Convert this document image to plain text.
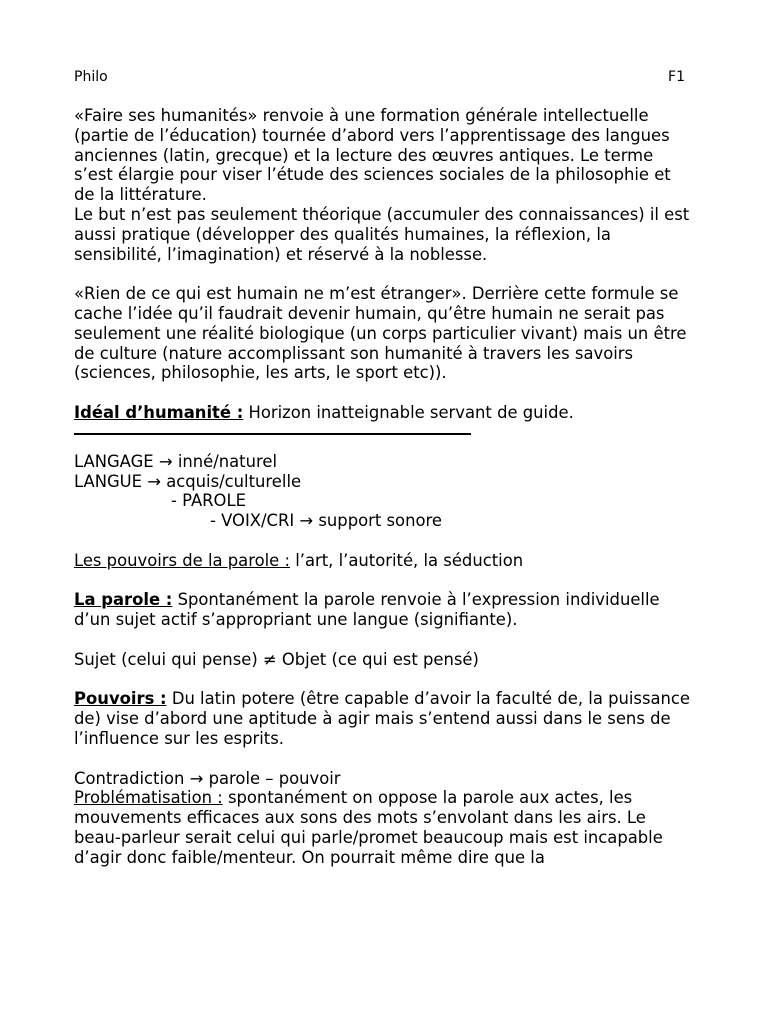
Philo	F1

«Faire ses humanités» renvoie à une formation générale intellectuelle (partie de l’éducation) tournée d’abord vers l’apprentissage des langues anciennes (latin, grecque) et la lecture des œuvres antiques. Le terme s’est élargie pour viser l’étude des sciences sociales de la philosophie et de la littérature.

Le but n’est pas seulement théorique (accumuler des connaissances) il est aussi pratique (développer des qualités humaines, la réflexion, la sensibilité, l’imagination) et réservé à la noblesse.

«Rien de ce qui est humain ne m’est étranger». Derrière cette formule se cache l’idée qu’il faudrait devenir humain, qu’être humain ne serait pas seulement une réalité biologique (un corps particulier vivant) mais un être de culture (nature accomplissant son humanité à travers les savoirs (sciences, philosophie, les arts, le sport etc)).

Idéal d’humanité : Horizon inatteignable servant de guide.

LANGAGE → inné/naturel

LANGUE → acquis/culturelle

- PAROLE

- VOIX/CRI → support sonore

Les pouvoirs de la parole : l’art, l’autorité, la séduction

La parole : Spontanément la parole renvoie à l’expression individuelle d’un sujet actif s’appropriant une langue (signifiante).

Sujet (celui qui pense) ≠ Objet (ce qui est pensé)

Pouvoirs : Du latin potere (être capable d’avoir la faculté de, la puissance de) vise d’abord une aptitude à agir mais s’entend aussi dans le sens de l’influence sur les esprits.

Contradiction → parole – pouvoir

Problématisation : spontanément on oppose la parole aux actes, les mouvements efficaces aux sons des mots s’envolant dans les airs. Le beau-parleur serait celui qui parle/promet beaucoup mais est incapable d’agir donc faible/menteur. On pourrait même dire que la
